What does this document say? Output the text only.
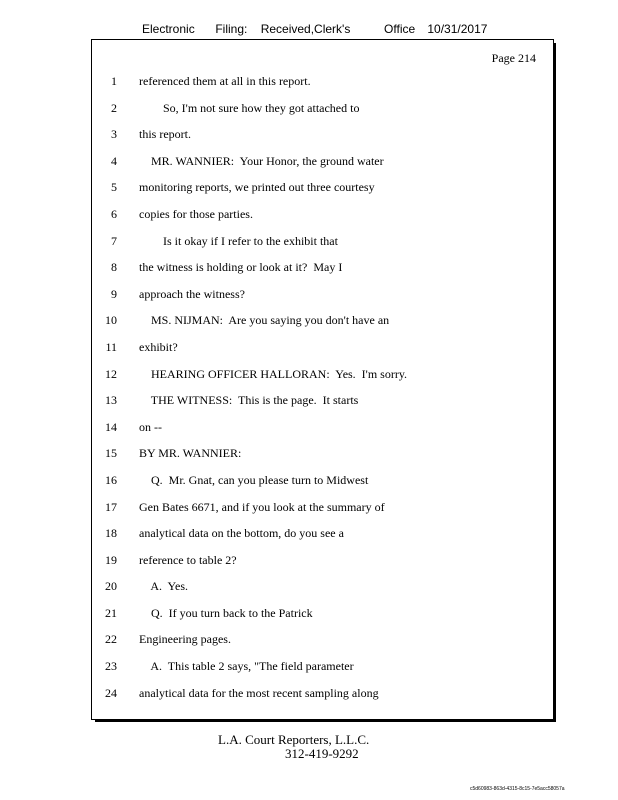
Electronic Filing: Received,Clerk's	Office 10/31/2017
Page 214
1 referenced them at all in this report.
2 So, I'm not sure how they got attached to
3 this report.
4 MR. WANNIER:  Your Honor, the ground water
5 monitoring reports, we printed out three courtesy
6 copies for those parties.
7 Is it okay if I refer to the exhibit that
8 the witness is holding or look at it?  May I
9 approach the witness?
10 MS. NIJMAN:  Are you saying you don't have an
11 exhibit?
12 HEARING OFFICER HALLORAN:  Yes.  I'm sorry.
13 THE WITNESS:  This is the page.  It starts
14 on --
15 BY MR. WANNIER:
16 Q.  Mr. Gnat, can you please turn to Midwest
17 Gen Bates 6671, and if you look at the summary of
18 analytical data on the bottom, do you see a
19 reference to table 2?
20 A.  Yes.
21 Q.  If you turn back to the Patrick
22 Engineering pages.
23 A.  This table 2 says, "The field parameter
24 analytical data for the most recent sampling along
L.A. Court Reporters, L.L.C.
312-419-9292
c5d60983-863d-4315-8c15-7e5acc58057a
